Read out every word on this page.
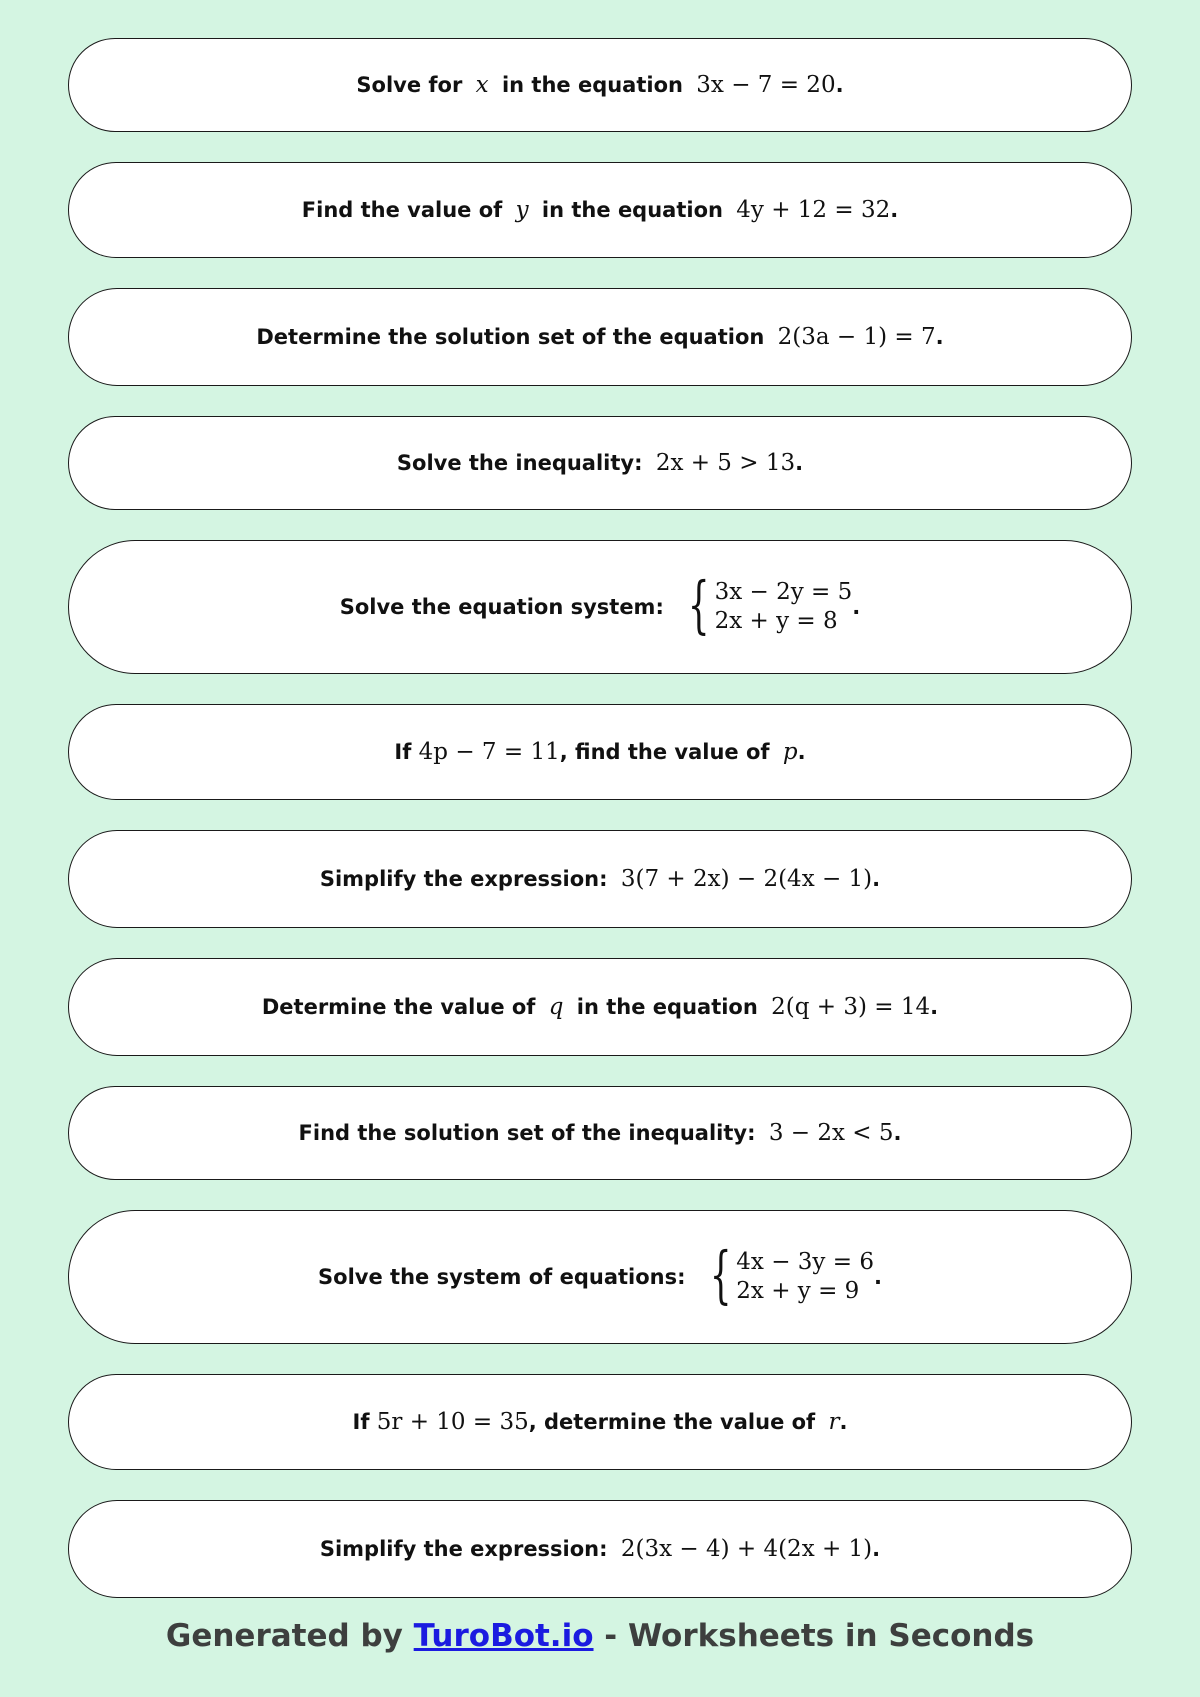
Solve for x in the equation 3x − 7 = 20 .
Find the value of y in the equation 4y + 12 = 32 .
Determine the solution set of the equation 2(3a − 1) = 7 .
Solve the inequality: 2x + 5 > 13 .
Solve the equation system: { 3x − 2y = 5
2x + y = 8
.
If 4p − 7 = 11 , find the value of p .
Simplify the expression: 3(7 + 2x) − 2(4x − 1) .
Determine the value of q in the equation 2(q + 3) = 14 .
Find the solution set of the inequality: 3 − 2x < 5 .
Solve the system of equations: { 4x − 3y = 6
2x + y = 9
.
If 5r + 10 = 35 , determine the value of r .
Simplify the expression: 2(3x − 4) + 4(2x + 1) .
Generated by TuroBot.io - Worksheets in Seconds
